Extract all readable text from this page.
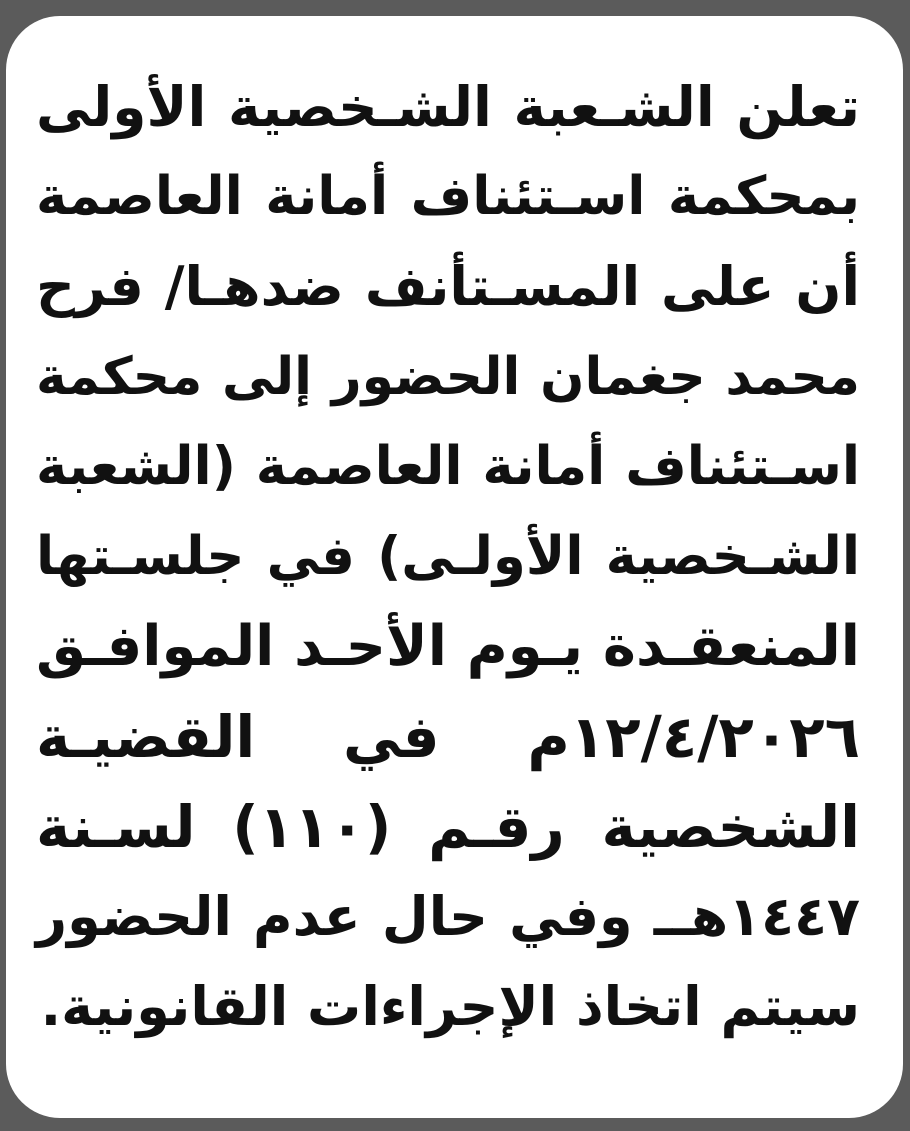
تعلن الشـعبة الشـخصية الأولى
بمحكمة اسـتئناف أمانة العاصمة
أن على المسـتأنف ضدهـا/ فرح
محمد جغمان الحضور إلى محكمة
اسـتئناف أمانة العاصمة (الشعبة
الشـخصية الأولـى) في جلسـتها
المنعقـدة يـوم الأحـد الموافـق
١٢/٤/٢٠٢٦م في القضيـة
الشخصية رقـم (١١٠) لسـنة
١٤٤٧هــ وفي حال عدم الحضور
سيتم اتخاذ الإجراءات القانونية.
